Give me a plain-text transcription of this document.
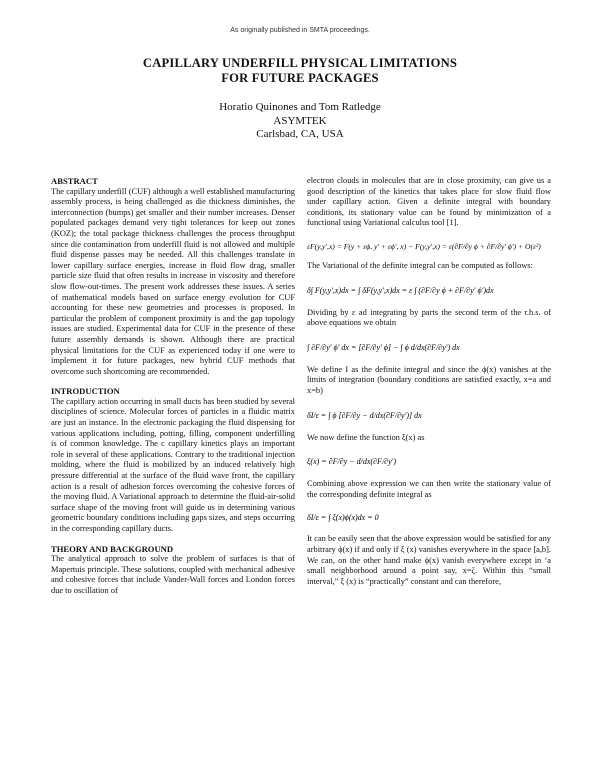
As originally published in SMTA proceedings.
CAPILLARY UNDERFILL PHYSICAL LIMITATIONS
FOR FUTURE PACKAGES
Horatio Quinones and Tom Ratledge
ASYMTEK
Carlsbad, CA, USA
ABSTRACT

The capillary underfill (CUF) although a well established manufacturing assembly process, is being challenged as die thickness diminishes, the interconnection (bumps) get smaller and their number increases. Denser populated packages demand very tight tolerances for keep out zones (KOZ); the total package thickness challenges the process throughput since die contamination from underfill fluid is not allowed and multiple fluid dispense passes may be needed. All this challenges translate in lower capillary surface energies, increase in fluid flow drag, smaller particle size fluid that often results in increase in viscosity and therefore slow flow-out-times. The present work addresses these issues. A series of mathematical models based on surface energy evolution for CUF accounting for these new geometries and processes is proposed. In particular the problem of component proximity is and the gap topology issues are studied. Experimental data for CUF in the presence of these future assembly demands is shown. Although there are practical physical limitations for the CUF as experienced today if one were to implement it for future packages, new hybrid CUF methods that overcome such shortcoming are recommended.

INTRODUCTION

The capillary action occurring in small ducts has been studied by several disciplines of science. Molecular forces of particles in a fluidic matrix are just an instance. In the electronic packaging the fluid dispensing for various applications including, potting, filling, component underfilling is of common knowledge. The c capillary kinetics plays an important role in several of these applications. Contrary to the traditional injection molding, where the fluid is mobilized by an induced relatively high pressure differential at the surface of the fluid wave front, the capillary action is a result of adhesion forces overcoming the cohesive forces of the moving fluid. A Variational approach to determine the fluid-air-solid surface shape of the moving front will guide us in determining various geometric boundary conditions including gaps sizes, and steps occurring in the corresponding capillary ducts.

THEORY AND BACKGROUND

The analytical approach to solve the problem of surfaces is that of Mapertuis principle. These solutions, coupled with mechanical adhesive and cohesive forces that include Vander-Wall forces and London forces due to oscillation of

electron clouds in molecules that are in close proximity, can give us a good description of the kinetics that takes place for slow fluid flow under capillary action. Given a definite integral with boundary conditions, its stationary value can be found by minimization of a functional using Variational calculus tool [1].

εF(y,y′,x) = F(y + εϕ, y′ + εϕ′, x) − F(y,y′,x) = ε(∂F/∂y ϕ + ∂F/∂y′ ϕ′) + O(ε²)

The Variational of the definite integral can be computed as follows:

δ∫ F(y,y′,x)dx = ∫ δF(y,y′,x)dx = ε ∫ (∂F/∂y ϕ + ∂F/∂y′ ϕ′)dx

Dividing by ε ad integrating by parts the second term of the r.h.s. of above equations we obtain

∫ ∂F/∂y′ ϕ′ dx = [∂F/∂y′ ϕ] − ∫ ϕ d/dx(∂F/∂y′) dx

We define I as the definite integral and since the ϕ(x) vanishes at the limits of integration (boundary conditions are satisfied exactly, x=a and x=b)

δI/ε = ∫ ϕ [∂F/∂y − d/dx(∂F/∂y′)] dx

We now define the function ξ(x) as

ξ(x) = ∂F/∂y − d/dx(∂F/∂y′)

Combining above expression we can then write the stationary value of the corresponding definite integral as

δI/ε = ∫ ξ(x)ϕ(x)dx = 0

It can be easily seen that the above expression would be satisfied for any arbitrary ϕ(x) if and only if ξ (x) vanishes everywhere in the space [a,b]. We can, on the other hand make ϕ(x) vanish everywhere except in ‘a small neighborhood around a point say, x=ζ. Within this “small interval,” ξ (x) is “practically” constant and can therefore,
